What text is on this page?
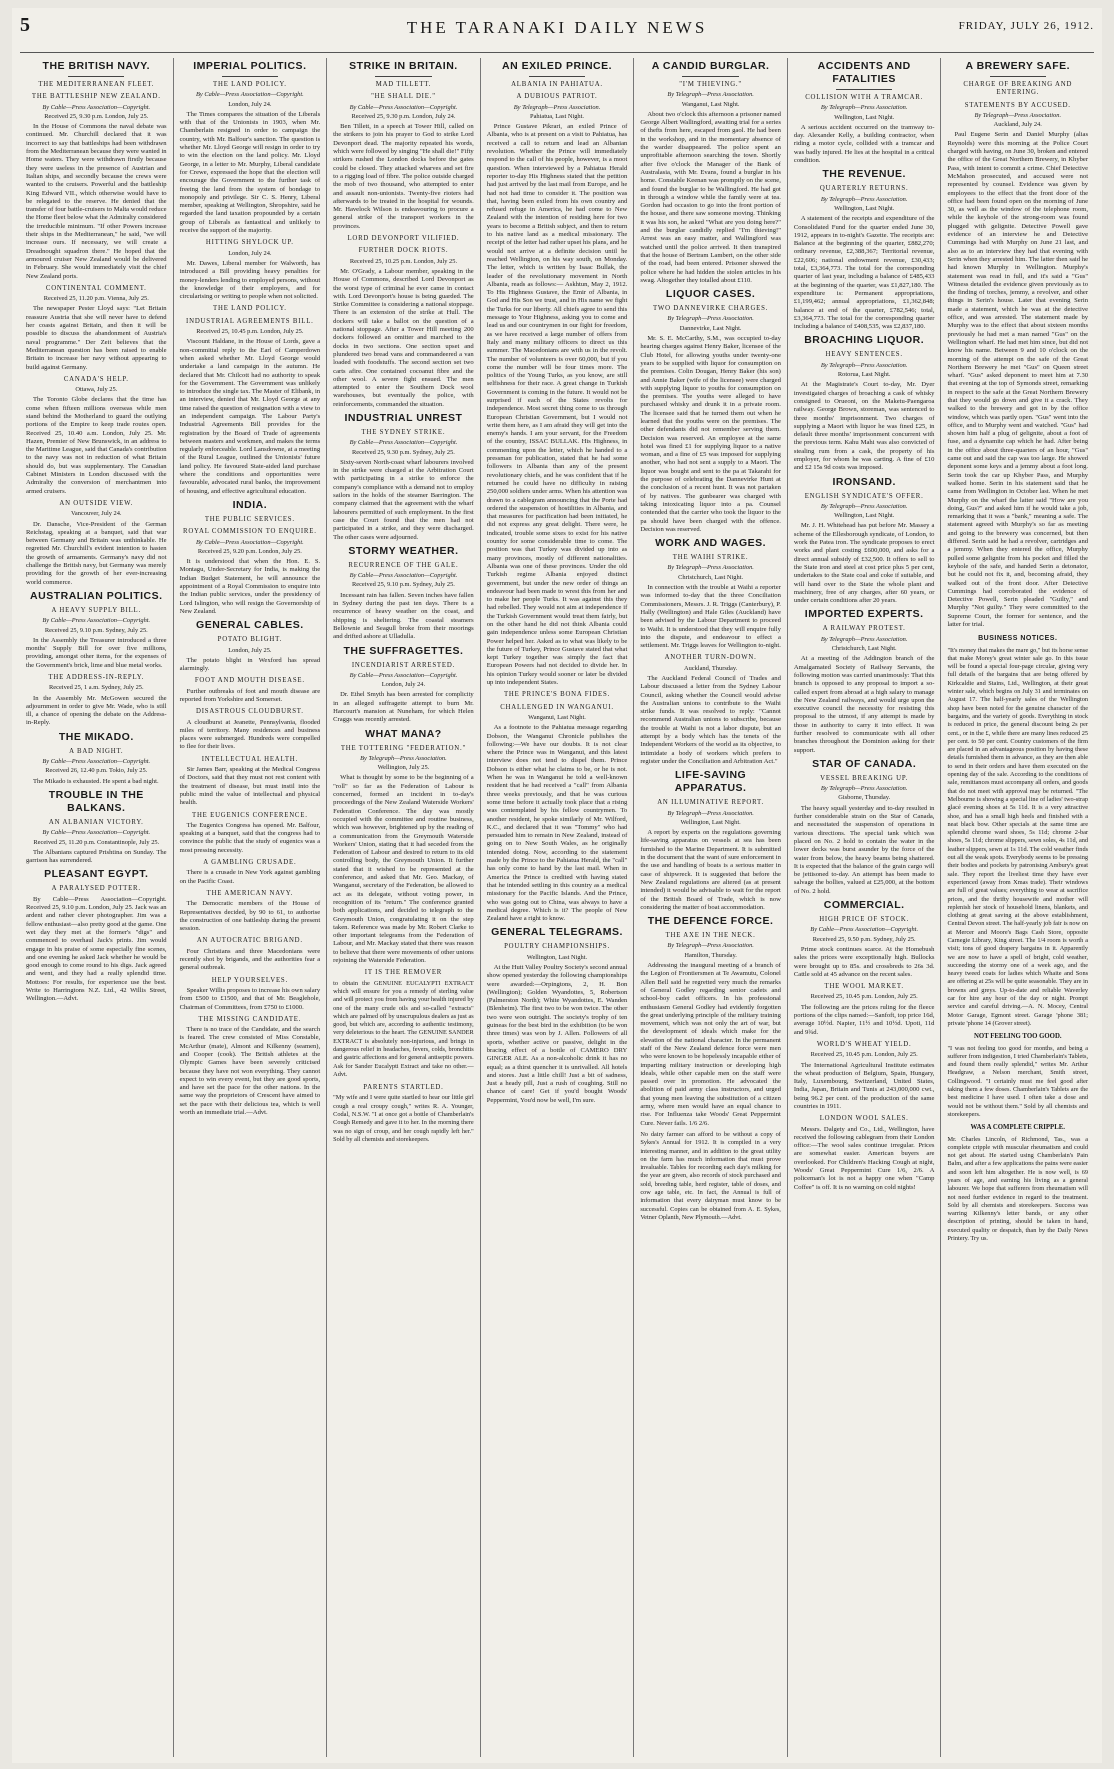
5	THE TARANAKI DAILY NEWS	FRIDAY, JULY 26, 1912.
THE BRITISH NAVY.
THE MEDITERRANEAN FLEET.
THE BATTLESHIP NEW ZEALAND.
By Cable—Press Association—Copyright.
Received 25, 9.30 p.m. London, July 25.

In the House of Commons the naval debate was continued. Mr. Churchill declared that it was incorrect to say that battleships had been withdrawn from the Mediterranean because they were wanted in Home waters. They were withdrawn firstly because they were useless in the presence of Austrian and Italian ships, and secondly because the crews were wanted to the cruisers. Powerful and the battleship King Edward VII., which otherwise would have to be relegated to the reserve. He denied that the transfer of four battle-cruisers to Malta would reduce the Home fleet below what the Admiralty considered the irreducible minimum. "If other Powers increase their ships in the Mediterranean," he said, "we will increase ours. If necessary, we will create a Dreadnought squadron there." He hoped that the armoured cruiser New Zealand would be delivered in February. She would immediately visit the chief New Zealand ports.

CONTINENTAL COMMENT.
Received 25, 11.20 p.m. Vienna, July 25.

The newspaper Pester Lloyd says: "Let Britain reassure Austria that she will never have to defend her coasts against Britain, and then it will be possible to discuss the abandonment of Austria's naval programme." Der Zeit believes that the Mediterranean question has been raised to enable Britain to increase her navy without appearing to build against Germany.

CANADA'S HELP.
Ottawa, July 25.

The Toronto Globe declares that the time has come when fifteen millions overseas while men stand behind the Motherland to guard the outlying portions of the Empire to keep trade routes open. Received 25, 10.40 a.m. London, July 25. Mr. Hazen, Premier of New Brunswick, in an address to the Maritime League, said that Canada's contribution to the navy was not in reduction of what Britain should do, but was supplementary. The Canadian Cabinet Ministers in London discussed with the Admiralty the conversion of merchantmen into armed cruisers.

AN OUTSIDE VIEW.
Vancouver, July 24.

Dr. Dansche, Vice-President of the German Reichstag, speaking at a banquet, said that war between Germany and Britain was unthinkable. He regretted Mr. Churchill's evident intention to hasten the growth of armaments. Germany's navy did not challenge the British navy, but Germany was merely providing for the growth of her ever-increasing world commerce.

AUSTRALIAN POLITICS.
A HEAVY SUPPLY BILL.
By Cable—Press Association—Copyright.
Received 25, 9.10 p.m. Sydney, July 25.

In the Assembly the Treasurer introduced a three months' Supply Bill for over five millions, providing, amongst other items, for the expenses of the Government's brick, lime and blue metal works.

THE ADDRESS-IN-REPLY.
Received 25, 1 a.m. Sydney, July 25.

In the Assembly Mr. McGowen secured the adjournment in order to give Mr. Wade, who is still ill, a chance of opening the debate on the Address-in-Reply.

THE MIKADO.
A BAD NIGHT.
By Cable—Press Association—Copyright.
Received 26, 12.40 p.m. Tokio, July 25.

The Mikado is exhausted. He spent a bad night.

TROUBLE IN THE BALKANS.
AN ALBANIAN VICTORY.
By Cable—Press Association—Copyright.
Received 25, 11.20 p.m. Constantinople, July 25.

The Albanians captured Prishtina on Sunday. The garrison has surrendered.

PLEASANT EGYPT.
A PARALYSED POTTER.

By Cable—Press Association—Copyright. Received 25, 9.10 p.m. London, July 25. Jack was an ardent and rather clever photographer. Jim was a fellow enthusiast—also pretty good at the game. One wet day they met at the former's "digs" and commenced to overhaul Jack's prints. Jim would engage in his praise of some especially fine scenes, and one evening he asked Jack whether he would be good enough to come round to his digs. Jack agreed and went, and they had a really splendid time. Mottoes: For results, for experience use the best. Write to Harringtons N.Z. Ltd., 42 Willis Street, Wellington.—Advt.

IMPERIAL POLITICS.
THE LAND POLICY.
By Cable—Press Association—Copyright.
London, July 24.

The Times compares the situation of the Liberals with that of the Unionists in 1903, when Mr. Chamberlain resigned in order to campaign the country, with Mr. Balfour's sanction. The question is whether Mr. Lloyd George will resign in order to try to win the election on the land policy. Mr. Lloyd George, in a letter to Mr. Murphy, Liberal candidate for Crewe, expressed the hope that the election will encourage the Government to the further task of freeing the land from the system of bondage to monopoly and privilege. Sir C. S. Henry, Liberal member, speaking at Wellington, Shropshire, said he regarded the land taxation propounded by a certain group of Liberals as fantastical and unlikely to receive the support of the majority.

HITTING SHYLOCK UP.
London, July 24.

Mr. Dawes, Liberal member for Walworth, has introduced a Bill providing heavy penalties for money-lenders lending to employed persons, without the knowledge of their employers, and for circularising or writing to people when not solicited.

THE LAND POLICY.
INDUSTRIAL AGREEMENTS BILL.
Received 25, 10.45 p.m. London, July 25.

Viscount Haldane, in the House of Lords, gave a non-committal reply to the Earl of Camperdown when asked whether Mr. Lloyd George would undertake a land campaign in the autumn. He declared that Mr. Chilcott had no authority to speak for the Government. The Government was unlikely to introduce the single tax. The Master of Elibank, in an interview, denied that Mr. Lloyd George at any time raised the question of resignation with a view to an independent campaign. The Labour Party's Industrial Agreements Bill provides for the registration by the Board of Trade of agreements between masters and workmen, and makes the terms regularly enforceable. Lord Lansdowne, at a meeting of the Rural League, outlined the Unionists' future land policy. He favoured State-aided land purchase where the conditions and opportunities were favourable, advocated rural banks, the improvement of housing, and effective agricultural education.

INDIA.
THE PUBLIC SERVICES.
ROYAL COMMISSION TO ENQUIRE.
By Cable—Press Association—Copyright.
Received 25, 9.20 p.m. London, July 25.

It is understood that when the Hon. E. S. Montagu, Under-Secretary for India, is making the Indian Budget Statement, he will announce the appointment of a Royal Commission to enquire into the Indian public services, under the presidency of Lord Islington, who will resign the Governorship of New Zealand.

GENERAL CABLES.
POTATO BLIGHT.
London, July 25.

The potato blight in Wexford has spread alarmingly.

FOOT AND MOUTH DISEASE.

Further outbreaks of foot and mouth disease are reported from Yorkshire and Somerset.

DISASTROUS CLOUDBURST.

A cloudburst at Jeanette, Pennsylvania, flooded miles of territory. Many residences and business places were submerged. Hundreds were compelled to flee for their lives.

INTELLECTUAL HEALTH.

Sir James Barr, speaking at the Medical Congress of Doctors, said that they must not rest content with the treatment of disease, but must instil into the public mind the value of intellectual and physical health.

THE EUGENICS CONFERENCE.

The Eugenics Congress has opened. Mr. Balfour, speaking at a banquet, said that the congress had to convince the public that the study of eugenics was a most pressing necessity.

A GAMBLING CRUSADE.

There is a crusade in New York against gambling on the Pacific Coast.

THE AMERICAN NAVY.

The Democratic members of the House of Representatives decided, by 90 to 61, to authorise the construction of one battleship during the present session.

AN AUTOCRATIC BRIGAND.

Four Christians and three Macedonians were recently shot by brigands, and the authorities fear a general outbreak.

HELP YOURSELVES.

Speaker Willis proposes to increase his own salary from £500 to £1500, and that of Mr. Beaglehole, Chairman of Committees, from £750 to £1000.

THE MISSING CANDIDATE.

There is no trace of the Candidate, and the search is feared. The crew consisted of Miss Constable, McArthur (mate), Almont and Kilkenny (seamen), and Cooper (cook). The British athletes at the Olympic Games have been severely criticised because they have not won everything. They cannot expect to win every event, but they are good sports, and have set the pace for the other nations. In the same way the proprietors of Crescent have aimed to set the pace with their delicious tea, which is well worth an immediate trial.—Advt.

STRIKE IN BRITAIN.
MAD TILLETT.
"HE SHALL DIE."
By Cable—Press Association—Copyright.
Received 25, 9.30 p.m. London, July 24.

Ben Tillett, in a speech at Tower Hill, called on the strikers to join his prayer to God to strike Lord Devonport dead. The majority repeated his words, which were followed by singing "He shall die!" Fifty strikers rushed the London docks before the gates could be closed. They attacked wharves and set fire to a rigging load of fibre. The police outside charged the mob of two thousand, who attempted to enter and assault non-unionists. Twenty-five rioters had afterwards to be treated in the hospital for wounds. Mr. Havelock Wilson is endeavouring to procure a general strike of the transport workers in the provinces.

LORD DEVONPORT VILIFIED.
FURTHER DOCK RIOTS.
Received 25, 10.25 p.m. London, July 25.

Mr. O'Grady, a Labour member, speaking in the House of Commons, described Lord Devonport as the worst type of criminal he ever came in contact with. Lord Devonport's house is being guarded. The Strike Committee is considering a national stoppage. There is an extension of the strike at Hull. The dockers will take a ballot on the question of a national stoppage. After a Tower Hill meeting 200 dockers followed an omitter and marched to the docks in two sections. One section upset and plundered two bread vans and commandeered a van loaded with foodstuffs. The second section set two carts afire. One contained cocoanut fibre and the other wool. A severe fight ensued. The men attempted to enter the Southern Dock wool warehouses, but eventually the police, with reinforcements, commanded the situation.

INDUSTRIAL UNREST
THE SYDNEY STRIKE.
By Cable—Press Association—Copyright.
Received 25, 9.30 p.m. Sydney, July 25.

Sixty-seven North-coast wharf labourers involved in the strike were charged at the Arbitration Court with participating in a strike to enforce the company's compliance with a demand not to employ sailors in the holds of the steamer Barrington. The company claimed that the agreement with the wharf labourers permitted of such employment. In the first case the Court found that the men had not participated in a strike, and they were discharged. The other cases were adjourned.

STORMY WEATHER.
RECURRENCE OF THE GALE.
By Cable—Press Association—Copyright.
Received 25, 9.10 p.m. Sydney, July 25.

Incessant rain has fallen. Seven inches have fallen in Sydney during the past ten days. There is a recurrence of heavy weather on the coast, and shipping is sheltering. The coastal steamers Bellownie and Seagull broke from their moorings and drifted ashore at Ulladulla.

THE SUFFRAGETTES.
INCENDIARIST ARRESTED.
By Cable—Press Association—Copyright.
London, July 24.

Dr. Ethel Smyth has been arrested for complicity in an alleged suffragette attempt to burn Mr. Harcourt's mansion at Nuneham, for which Helen Craggs was recently arrested.

WHAT MANA?
THE TOTTERING "FEDERATION."
By Telegraph—Press Association.
Wellington, July 25.

What is thought by some to be the beginning of a "roll" so far as the Federation of Labour is concerned, formed an incident in to-day's proceedings of the New Zealand Waterside Workers' Federation Conference. The day was mostly occupied with the committee and routine business, which was however, brightened up by the reading of a communication from the Greymouth Waterside Workers' Union, stating that it had seceded from the Federation of Labour and desired to return to its old controlling body, the Greymouth Union. It further stated that it wished to be represented at the conference, and asked that Mr. Geo. Mackay, of Wanganui, secretary of the Federation, be allowed to act as its delegate, without voting power, in recognition of its "return." The conference granted both applications, and decided to telegraph to the Greymouth Union, congratulating it on the step taken. Reference was made by Mr. Robert Clarke to other important telegrams from the Federation of Labour, and Mr. Mackay stated that there was reason to believe that there were movements of other unions rejoining the Waterside Federation.

IT IS THE REMOVER

to obtain the GENUINE EUCALYPTI EXTRACT which will ensure for you a remedy of sterling value and will protect you from having your health injured by one of the many crude oils and so-called "extracts" which are palmed off by unscrupulous dealers as just as good, but which are, according to authentic testimony, very deleterious to the heart. The GENUINE SANDER EXTRACT is absolutely non-injurious, and brings in dangerous relief in headaches, fevers, colds, bronchitis and gastric affections and for general antiseptic powers. Ask for Sander Eucalypti Extract and take no other.—Advt.

PARENTS STARTLED.

"My wife and I were quite startled to hear our little girl cough a real croupy cough," writes R. A. Younger, Codal, N.S.W. "I at once got a bottle of Chamberlain's Cough Remedy and gave it to her. In the morning there was no sign of croup, and her cough rapidly left her." Sold by all chemists and storekeepers.

AN EXILED PRINCE.
ALBANIA IN PAHIATUA.
A DUBIOUS PATRIOT.
By Telegraph—Press Association.
Pahiatua, Last Night.

Prince Gustave Pikrari, an exiled Prince of Albania, who is at present on a visit to Pahiatua, has received a call to return and lead an Albanian revolution. Whether the Prince will immediately respond to the call of his people, however, is a moot question. When interviewed by a Pahiatua Herald reporter to-day His Highness stated that the petition had just arrived by the last mail from Europe, and he had not had time to consider it. The position was that, having been exiled from his own country and refused refuge in America, he had come to New Zealand with the intention of residing here for two years to become a British subject, and then to return to his native land as a medical missionary. The receipt of the letter had rather upset his plans, and he would not arrive at a definite decision until he reached Wellington, on his way south, on Monday. The letter, which is written by Isaac Bullak, the leader of the revolutionary movement in North Albania, reads as follows:— Askhtun, May 2, 1912. To His Highness Gustave, the Emir of Albania, in God and His Son we trust, and in His name we fight the Turks for our liberty. All chiefs agree to send this message to Your Highness, asking you to come and lead us and our countrymen in our fight for freedom, as we have received a large number of offers from Italy and many military officers to direct us this summer. The Macedonians are with us in the revolt. The number of volunteers is over 60,000, but if you come the number will be four times more. The politics of the Young Turks, as you know, are still selfishness for their race. A great change in Turkish Government is coming in the future. It would not be surprised if each of the States revolts for independence. Most secret thing come to us through European Christian Government, but I would not write them here, as I am afraid they will get into the enemy's hands. I am your servant, for the Freedom of the country, ISSAC BULLAK. His Highness, in commenting upon the letter, which he handed to a pressman for publication, stated that he had some followers in Albania than any of the present revolutionary chiefs, and he was confident that if he returned he could have no difficulty in raising 250,000 soldiers under arms. When his attention was drawn to a cablegram announcing that the Porte had ordered the suspension of hostilities in Albania, and that measures for pacification had been initiated, he did not express any great delight. There were, he indicated, trouble some sixes to exist for his native country for some considerable time to come. The position was that Turkey was divided up into as many provinces, mostly of different nationalities. Albania was one of these provinces. Under the old Turkish regime Albania enjoyed distinct government, but under the new order of things an endeavour had been made to wrest this from her and to make her people Turks. It was against this they had rebelled. They would not aim at independence if the Turkish Government would treat them fairly, but on the other hand he did not think Albania could gain independence unless some European Christian Power helped her. Asked as to what was likely to be the future of Turkey, Prince Gustave stated that what kept Turkey together was simply the fact that European Powers had not decided to divide her. In his opinion Turkey would sooner or later be divided up into independent States.

THE PRINCE'S BONA FIDES.
CHALLENGED IN WANGANUI.
Wanganui, Last Night.

As a footnote to the Pahiatua message regarding Dobson, the Wanganui Chronicle publishes the following:—We have our doubts. It is not clear where the Prince was in Wanganui, and this latest interview does not tend to dispel them. Prince Dobson is either what he claims to be, or he is not. When he was in Wanganui he told a well-known resident that he had received a "call" from Albania three weeks previously, and that he was curious some time before it actually took place that a rising was contemplated by his fellow countrymen. To another resident, he spoke similarly of Mr. Wilford, K.C., and declared that it was "Tommy" who had persuaded him to remain in New Zealand, instead of going on to New South Wales, as he originally intended doing. Now, according to the statement made by the Prince to the Pahiatua Herald, the "call" has only come to hand by the last mail. When in America the Prince is credited with having stated that he intended settling in this country as a medical missionary for the Pacific Islands. And the Prince, who was going out to China, was always to have a medical degree. Which is it? The people of New Zealand have a right to know.

GENERAL TELEGRAMS.
POULTRY CHAMPIONSHIPS.
Wellington, Last Night.

At the Hutt Valley Poultry Society's second annual show opened yesterday the following championships were awarded:—Orpingtons, 2, H. Bon (Wellington); Golden Wyandottes, 5, Robertson (Palmerston North); White Wyandottes, E. Wanden (Blenheim). The first two to be won twice. The other two were won outright. The society's trophy of ten guineas for the best bird in the exhibition (to be won three times) was won by J. Allen. Followers of all sports, whether active or passive, delight in the bracing effect of a bottle of CAMERO DRY GINGER ALE. As a non-alcoholic drink it has no equal; as a thirst quencher it is unrivalled. All hotels and stores. Just a little chill! Just a bit of sadness, Just a heady pill, Just a rush of coughing. Still no chance of care! Get if you'd bought Woods' Peppermint, You'd now be well, I'm sure.

A CANDID BURGLAR.
"I'M THIEVING."
By Telegraph—Press Association.
Wanganui, Last Night.

About two o'clock this afternoon a prisoner named George Albert Wallingford, awaiting trial for a series of thefts from here, escaped from gaol. He had been in the workshop, and in the momentary absence of the warder disappeared. The police spent an unprofitable afternoon searching the town. Shortly after five o'clock the Manager of the Bank of Australasia, with Mr. Evans, found a burglar in his home. Constable Keenan was promptly on the scene, and found the burglar to be Wallingford. He had got in through a window while the family were at tea. Gordon had occasion to go into the front portion of the house, and there saw someone moving. Thinking it was his son, he asked "What are you doing here?" and the burglar candidly replied "I'm thieving!" Arrest was an easy matter, and Wallingford was watched until the police arrived. It then transpired that the house of Bertram Lambert, on the other side of the road, had been entered. Prisoner showed the police where he had hidden the stolen articles in his swag. Altogether they totalled about £110.

LIQUOR CASES.
TWO DANNEVIRKE CHARGES.
By Telegraph—Press Association.
Dannevirke, Last Night.

Mr. S. E. McCarthy, S.M., was occupied to-day hearing charges against Henry Baker, licensee of the Club Hotel, for allowing youths under twenty-one years to be supplied with liquor for consumption on the premises. Colin Dougan, Henry Baker (his son) and Annie Baker (wife of the licensee) were charged with supplying liquor to youths for consumption on the premises. The youths were alleged to have purchased whisky and drunk it in a private room. The licensee said that he turned them out when he learned that the youths were on the premises. The other defendants did not remember serving them. Decision was reserved. An employee at the same hotel was fined £1 for supplying liquor to a native woman, and a fine of £5 was imposed for supplying another, who had not sent a supply to a Maori. The liquor was bought and sent to the pa at Takarahi for the purpose of celebrating the Dannevirke Hunt at the conclusion of a recent hunt. It was not partaken of by natives. The gunbearer was charged with taking intoxicating liquor into a pa. Counsel contended that the carrier who took the liquor to the pa should have been charged with the offence. Decision was reserved.

WORK AND WAGES.
THE WAIHI STRIKE.
By Telegraph—Press Association.
Christchurch, Last Night.

In connection with the trouble at Waihi a reporter was informed to-day that the three Conciliation Commissioners, Messrs. J. R. Triggs (Canterbury), P. Hally (Wellington) and Hale Giles (Auckland) have been advised by the Labour Department to proceed to Waihi. It is understood that they will enquire fully into the dispute, and endeavour to effect a settlement. Mr. Triggs leaves for Wellington to-night.

ANOTHER TURN-DOWN.
Auckland, Thursday.

The Auckland Federal Council of Trades and Labour discussed a letter from the Sydney Labour Council, asking whether the Council would advise the Australian unions to contribute to the Waihi strike funds. It was resolved to reply: "Cannot recommend Australian unions to subscribe, because the trouble at Waihi is not a labor dispute, but an attempt by a body which has the tenets of the Independent Workers of the world as its objective, to intimidate a body of workers which prefers to register under the Conciliation and Arbitration Act."

LIFE-SAVING APPARATUS.
AN ILLUMINATIVE REPORT.
By Telegraph—Press Association.
Wellington, Last Night.

A report by experts on the regulations governing life-saving apparatus on vessels at sea has been furnished to the Marine Department. It is submitted in the document that the want of sure enforcement in the use and handling of boats is a serious matter in case of shipwreck. It is suggested that before the New Zealand regulations are altered (as at present intended) it would be advisable to wait for the report of the British Board of Trade, which is now considering the matter of boat accommodation.

THE DEFENCE FORCE.
THE AXE IN THE NECK.
By Telegraph—Press Association.
Hamilton, Thursday.

Addressing the inaugural meeting of a branch of the Legion of Frontiersmen at Te Awamutu, Colonel Allen Bell said he regretted very much the remarks of General Godley regarding senior cadets and school-boy cadet officers. In his professional enthusiasm General Godley had evidently forgotten the great underlying principle of the military training movement, which was not only the art of war, but the development of ideals which make for the elevation of the national character. In the permanent staff of the New Zealand defence force were men who were known to be hopelessly incapable either of imparting military instruction or developing high ideals, while other capable men on the staff were passed over in promotion. He advocated the abolition of paid army class instructors, and urged that young men leaving the substitution of a citizen army, where men would have an equal chance to rise. For Influenza take Woods' Great Peppermint Cure. Never fails. 1/6 2/6.

No dairy farmer can afford to be without a copy of Sykes's Annual for 1912. It is compiled in a very interesting manner, and in addition to the great utility on the farm has much information that must prove invaluable. Tables for recording each day's milking for the year are given, also records of stock purchased and sold, breeding table, herd register, table of doses, and cow age table, etc. In fact, the Annual is full of information that every dairyman must know to be successful. Copies can be obtained from A. E. Sykes, Vetner Oplanth, New Plymouth.—Advt.

ACCIDENTS AND FATALITIES
COLLISION WITH A TRAMCAR.
By Telegraph—Press Association.
Wellington, Last Night.

A serious accident occurred on the tramway to-day. Alexander Kelly, a building contractor, when riding a motor cycle, collided with a tramcar and was badly injured. He lies at the hospital in a critical condition.

THE REVENUE.
QUARTERLY RETURNS.
By Telegraph—Press Association.
Wellington, Last Night.

A statement of the receipts and expenditure of the Consolidated Fund for the quarter ended June 30, 1912, appears in to-night's Gazette. The receipts are: Balance at the beginning of the quarter, £882,270; ordinary revenue, £2,388,367; Territorial revenue, £22,606; national endowment revenue, £30,433; total, £3,364,773. The total for the corresponding quarter of last year, including a balance of £485,433 at the beginning of the quarter, was £1,827,180. The expenditure is: Permanent appropriations, £1,199,462; annual appropriations, £1,362,848; balance at end of the quarter, £782,546; total, £3,364,773. The total for the corresponding quarter including a balance of £408,535, was £2,837,180.

BROACHING LIQUOR.
HEAVY SENTENCES.
By Telegraph—Press Association.
Rotorua, Last Night.

At the Magistrate's Court to-day, Mr. Dyer investigated charges of broaching a cask of whisky consigned to Orueoni, on the Maketu-Paengaroa railway. George Brown, storeman, was sentenced to three months' imprisonment. Two charges of supplying a Maori with liquor he was fined £25, in default three months' imprisonment concurrent with the previous term. Kahu Mahi was also convicted of stealing rum from a cask, the property of his employer, for whom he was carting. A fine of £10 and £2 15s 9d costs was imposed.

IRONSAND.
ENGLISH SYNDICATE'S OFFER.
By Telegraph—Press Association.
Wellington, Last Night.

Mr. J. H. Whitehead has put before Mr. Massey a scheme of the Ellesborough syndicate, of London, to work the Patea iron. The syndicate proposes to erect works and plant costing £600,000, and asks for a direct annual subsidy of £32,500. It offers to sell to the State iron and steel at cost price plus 5 per cent, undertakes to the State coal and coke if suitable, and will hand over to the State the whole plant and machinery, free of any charges, after 60 years, or under certain conditions after 20 years.

IMPORTED EXPERTS.
A RAILWAY PROTEST.
By Telegraph—Press Association.
Christchurch, Last Night.

At a meeting of the Addington branch of the Amalgamated Society of Railway Servants, the following motion was carried unanimously: That this branch is opposed to any proposal to import a so-called expert from abroad at a high salary to manage the New Zealand railways, and would urge upon the executive council the necessity for resisting this proposal to the utmost, if any attempt is made by those in authority to carry it into effect. It was further resolved to communicate with all other branches throughout the Dominion asking for their support.

STAR OF CANADA.
VESSEL BREAKING UP.
By Telegraph—Press Association.
Gisborne, Thursday.

The heavy squall yesterday and to-day resulted in further considerable strain on the Star of Canada, and necessitated the suspension of operations in various directions. The special tank which was placed on No. 2 hold to contain the water in the lower decks was burst asunder by the force of the water from below, the heavy beams being shattered. It is expected that the balance of the grain cargo will be jettisoned to-day. An attempt has been made to salvage the bollies, valued at £25,000, at the bottom of No. 2 hold.

COMMERCIAL.
HIGH PRICE OF STOCK.
By Cable—Press Association—Copyright.
Received 25, 9.50 p.m. Sydney, July 25.

Prime stock continues scarce. At the Homebush sales the prices were exceptionally high. Bullocks were brought up to 85s. and crossbreds to 26s 3d. Cattle sold at 45 advance on the recent sales.

THE WOOL MARKET.
Received 25, 10.45 p.m. London, July 25.

The following are the prices ruling for the fleece portions of the clips named:—Sanfoft, top price 16d, average 10½d. Napier, 11½ and 10½d. Upoti, 11d and 9¾d.

WORLD'S WHEAT YIELD.
Received 25, 10.45 p.m. London, July 25.

The International Agricultural Institute estimates the wheat production of Belgium, Spain, Hungary, Italy, Luxembourg, Switzerland, United States, India, Japan, Britain and Tunis at 243,000,000 cwt., being 96.2 per cent. of the production of the same countries in 1911.

LONDON WOOL SALES.

Messrs. Dalgety and Co., Ltd., Wellington, have received the following cablegram from their London office:—The wool sales continue irregular. Prices are somewhat easier. American buyers are overlooked. For Children's Hacking Cough at night, Woods' Great Peppermint Cure 1/6, 2/6. A policeman's lot is not a happy one when "Camp Coffee" is off. It is no warning on cold nights!

A BREWERY SAFE.
CHARGE OF BREAKING AND ENTERING.
STATEMENTS BY ACCUSED.
By Telegraph—Press Association.
Auckland, July 24.

Paul Eugene Serin and Daniel Murphy (alias Reynolds) were this morning at the Police Court charged with having, on June 30, broken and entered the office of the Great Northern Brewery, in Khyber Pass, with intent to commit a crime. Chief Detective McMahon prosecuted, and accused were not represented by counsel. Evidence was given by employees to the effect that the front door of the office had been found open on the morning of June 30, as well as the window of the telephone room, while the keyhole of the strong-room was found plugged with gelignite. Detective Powell gave evidence of an interview he and Detective Cummings had with Murphy on June 21 last, and also as to an interview they had that evening with Serin when they arrested him. The latter then said he had known Murphy in Wellington. Murphy's statement was read in full, and it's said a "Gus" Witness detailed the evidence given previously as to the finding of torches, jemmy, a revolver, and other things in Serin's house. Later that evening Serin made a statement, which he was at the detective office, and was arrested. The statement made by Murphy was to the effect that about sixteen months previously he had met a man named "Gus" on the Wellington wharf. He had met him since, but did not know his name. Between 9 and 10 o'clock on the morning of the attempt on the safe of the Great Northern Brewery he met "Gus" on Queen street wharf. "Gus" asked deponent to meet him at 7.30 that evening at the top of Symonds street, remarking in respect to the safe at the Great Northern Brewery that they would go down and give it a crack. They walked to the brewery and got in by the office window, which was partly open. "Gus" went into the office, and to Murphy went and watched. "Gus" had shown him half a plug of gelignite, about a foot of fuse, and a dynamite cap which he had. After being in the office about three-quarters of an hour, "Gus" came out and said the cap was too large. He showed deponent some keys and a jemmy about a foot long. Serin took the car up Khyber Pass, and Murphy walked home. Serin in his statement said that he came from Wellington in October last. When he met Murphy on the wharf the latter said "How are you doing, Gus?" and asked him if he would take a job, remarking that it was a "bank," meaning a safe. The statement agreed with Murphy's so far as meeting and going to the brewery was concerned, but then differed. Serin said he had a revolver, cartridges and a jemmy. When they entered the office, Murphy pulled some gelignite from his pocket and filled the keyhole of the safe, and handed Serin a detonator, but he could not fix it, and, becoming afraid, they walked out of the front door. After Detective Cummings had corroborated the evidence of Detective Powell, Serin pleaded "Guilty," and Murphy "Not guilty." They were committed to the Supreme Court, the former for sentence, and the latter for trial.

BUSINESS NOTICES.

"It's money that makes the mare go," but its horse sense that make Morey's great winter sale go. In this issue will be found a special four-page circular, giving very full details of the bargains that are being offered by Kirkcaldie and Stains, Ltd., Wellington, at their great winter sale, which begins on July 31 and terminates on August 17. The half-yearly sales of the Wellington shop have been noted for the genuine character of the bargains, and the variety of goods. Everything in stock is reduced in price, the general discount being 2s per cent., or in the £, while there are many lines reduced 25 per cent. to 50 per cent. Country customers of the firm are placed in an advantageous position by having these details furnished them in advance, as they are then able to send in their orders and have them executed on the opening day of the sale. According to the conditions of sale, remittances must accompany all orders, and goods that do not meet with approval may be returned. "The Melbourne is showing a special line of ladies' two-strap glacé evening shoes at 5s 11d. It is a very attractive shoe, and has a small high heels and finished with a neat black bow. Other specials at the same time are splendid chrome ward shoes, 5s 11d; chrome 2-bar shoes, 5s 11d; chrome slippers, sewn soles, 4s 11d, and leather slippers, sewn at 1s 11d. The cold weather finds out all the weak spots. Everybody seems to be pressing their bodies and pockets by patronising Ambury's great sale. They report the liveliest time they have ever experienced (away from Xmas trade). Their windows are full of great values; everything to wear at sacrifice prices, and the thrifty housewife and mother will replenish her stock of household linens, blankets, and clothing at great saving at the above establishment, Central Devon street. The half-yearly job fair is now on at Mercer and Moore's Bags Cash Store, opposite Carnegie Library, King street. The 1/4 room is worth a visit; tons of good drapery bargains in it. Apparently we are now to have a spell of bright, cold weather, succeeding the stormy one of a week ago, and the heavy tweed coats for ladies which Whaite and Sons are offering at 25s will be quite seasonable. They are in browns and greys. Up-to-date and reliable Waverley car for hire any hour of the day or night. Prompt service and careful driving.—A. N. Mocey, Central Motor Garage, Egmont street. Garage 'phone 381; private 'phone 14 (Grover street).

NOT FEELING TOO GOOD.

"I was not feeling too good for months, and being a sufferer from indigestion, I tried Chamberlain's Tablets, and found them really splendid," writes Mr. Arthur Headgraw, a Nelson merchant, Smith street, Collingwood. "I certainly must me feel good after taking them a few doses. Chamberlain's Tablets are the best medicine I have used. I often take a dose and would not be without them." Sold by all chemists and storekeepers.

WAS A COMPLETE CRIPPLE.

Mr. Charles Lincoln, of Richmond, Tas., was a complete cripple with muscular rheumatism and could not get about. He started using Chamberlain's Pain Balm, and after a few applications the pains were easier and soon left him altogether. He is now well, is 69 years of age, and earning his living as a general labourer. We hope that sufferers from rheumatism will not need further evidence in regard to the treatment. Sold by all chemists and storekeepers. Success was warring Kilkenny's letter bands, or any other description of printing, should be taken in hand, executed quality or despatch, than by the Daily News Printery. Try us.
